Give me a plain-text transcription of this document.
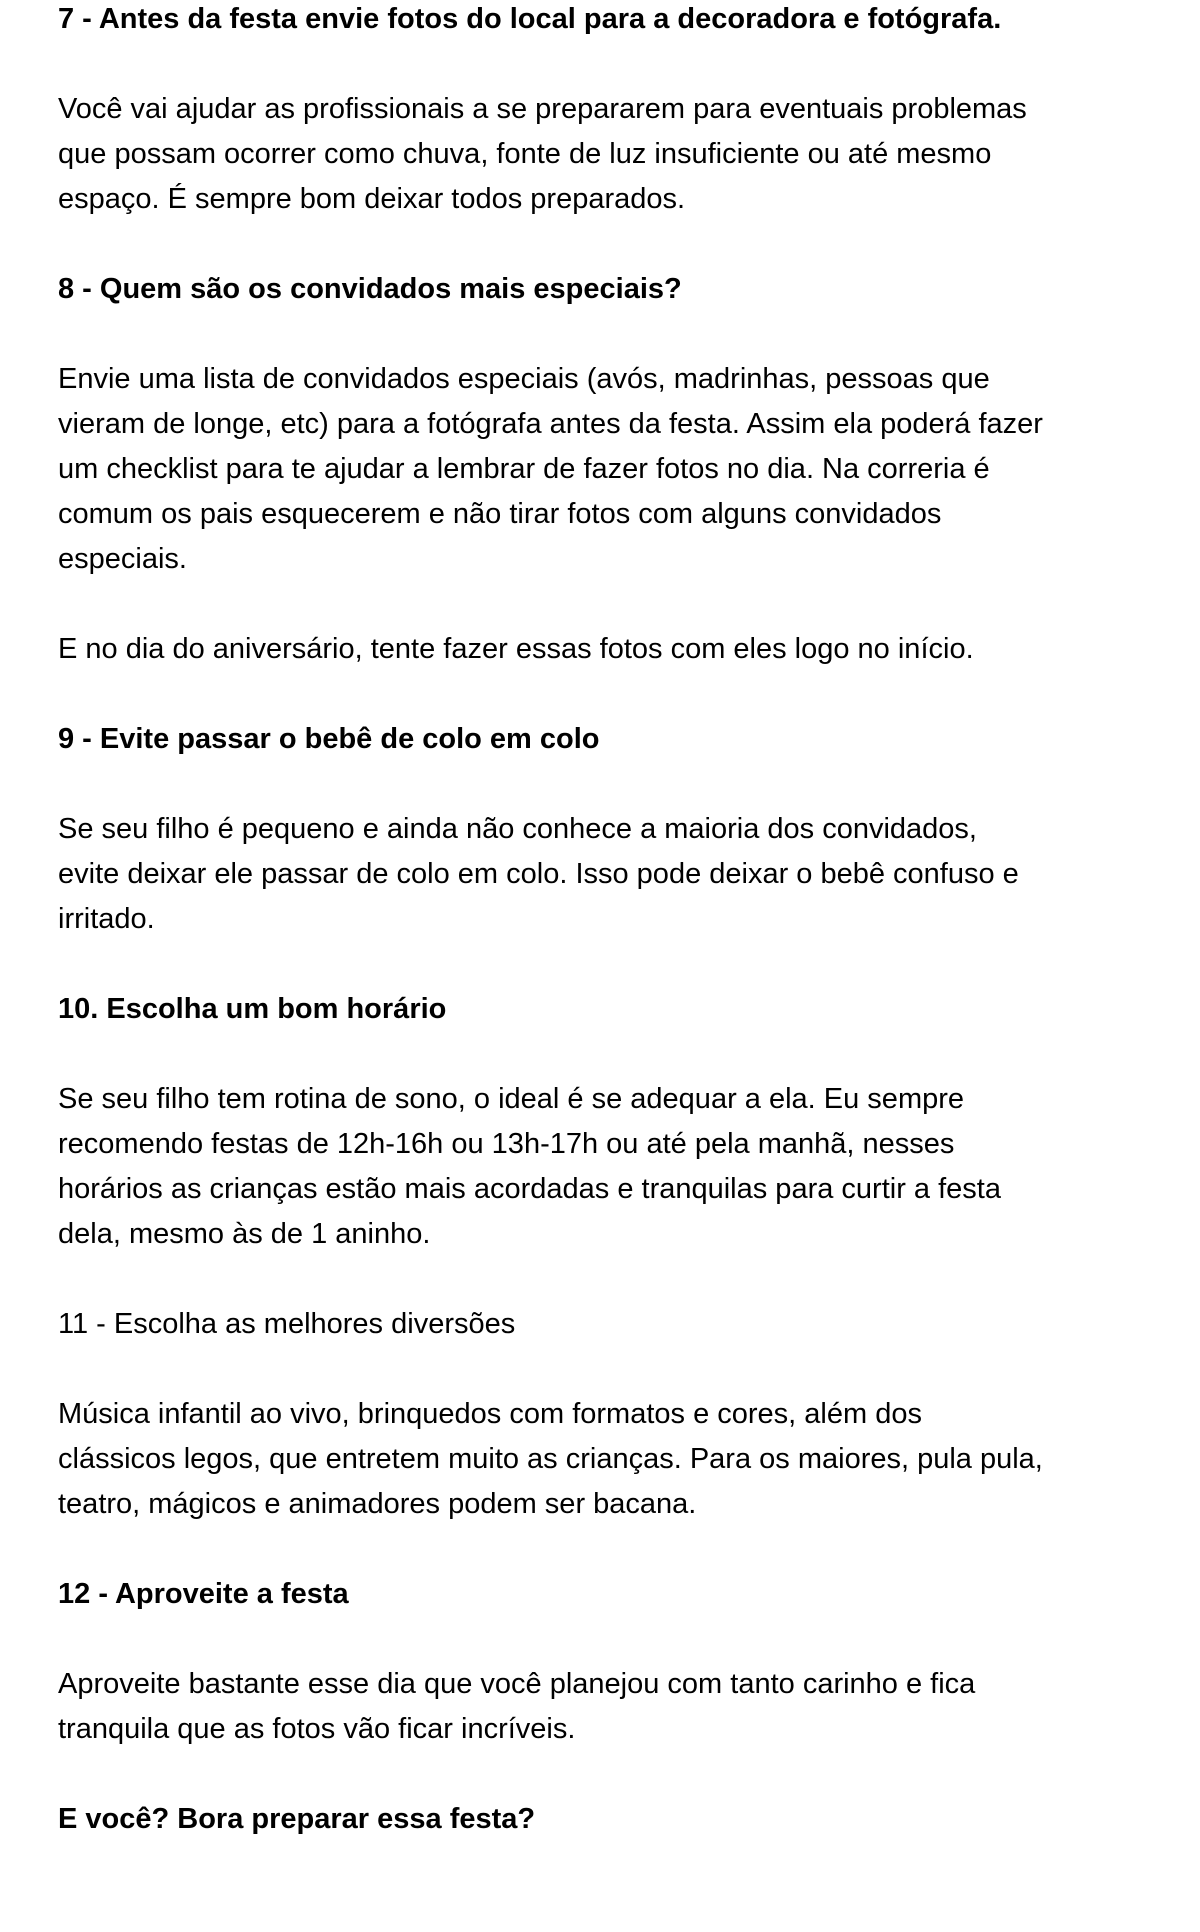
7 - Antes da festa envie fotos do local para a decoradora e fotógrafa.

Você vai ajudar as profissionais a se prepararem para eventuais problemas
que possam ocorrer como chuva, fonte de luz insuficiente ou até mesmo
espaço. É sempre bom deixar todos preparados.

8 - Quem são os convidados mais especiais?

Envie uma lista de convidados especiais (avós, madrinhas, pessoas que
vieram de longe, etc) para a fotógrafa antes da festa. Assim ela poderá fazer
um checklist para te ajudar a lembrar de fazer fotos no dia. Na correria é
comum os pais esquecerem e não tirar fotos com alguns convidados
especiais.

E no dia do aniversário, tente fazer essas fotos com eles logo no início.

9 - Evite passar o bebê de colo em colo

Se seu filho é pequeno e ainda não conhece a maioria dos convidados,
evite deixar ele passar de colo em colo. Isso pode deixar o bebê confuso e
irritado.

10. Escolha um bom horário

Se seu filho tem rotina de sono, o ideal é se adequar a ela. Eu sempre
recomendo festas de 12h-16h ou 13h-17h ou até pela manhã, nesses
horários as crianças estão mais acordadas e tranquilas para curtir a festa
dela, mesmo às de 1 aninho.

11 - Escolha as melhores diversões

Música infantil ao vivo, brinquedos com formatos e cores, além dos
clássicos legos, que entretem muito as crianças. Para os maiores, pula pula,
teatro, mágicos e animadores podem ser bacana.

12 - Aproveite a festa

Aproveite bastante esse dia que você planejou com tanto carinho e fica
tranquila que as fotos vão ficar incríveis.

E você? Bora preparar essa festa?
